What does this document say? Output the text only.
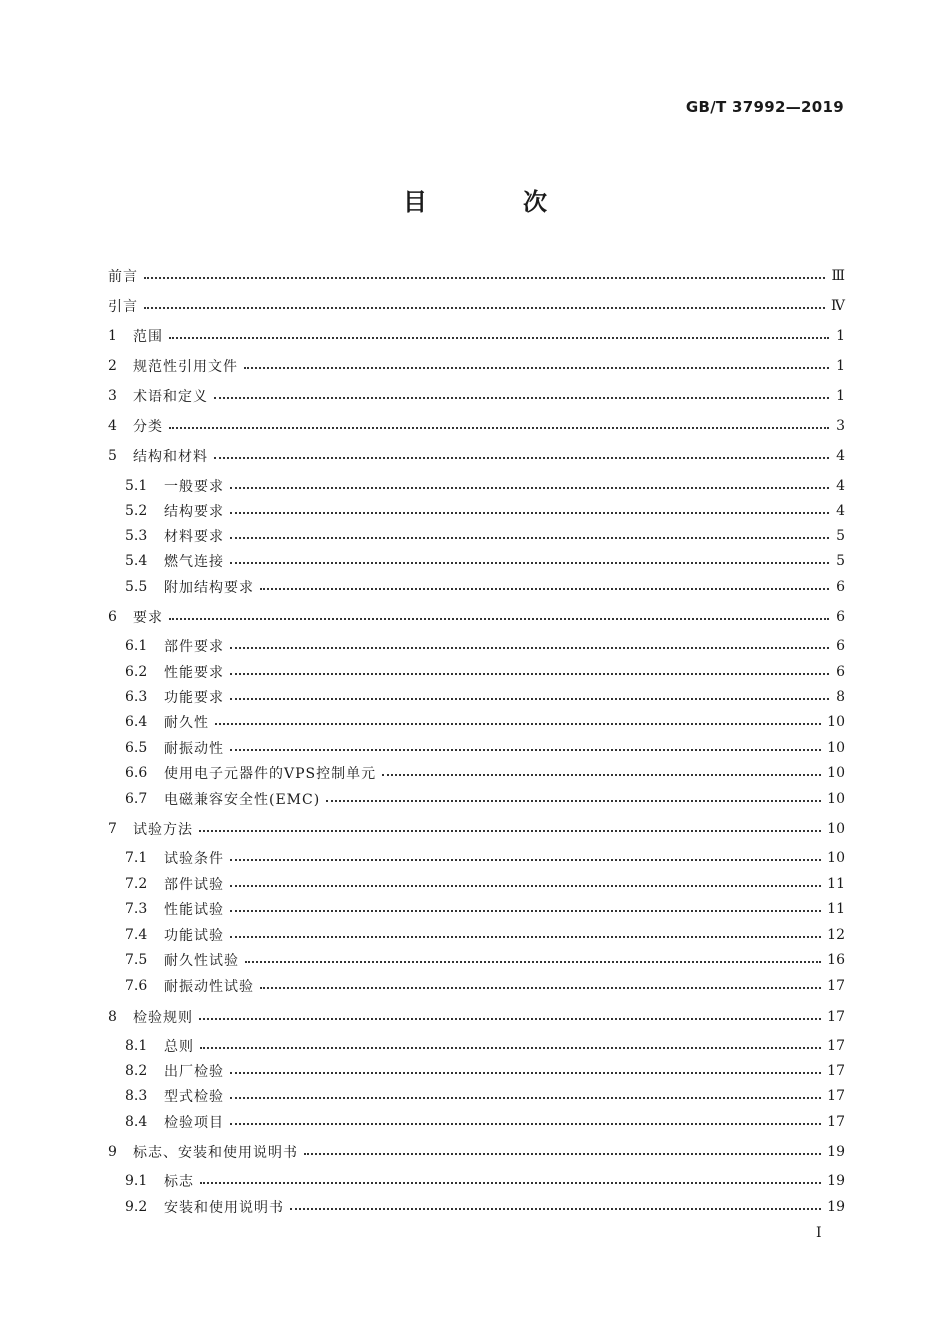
GB/T 37992—2019
目　次
前言	Ⅲ
引言	Ⅳ
1	范围	1
2	规范性引用文件	1
3	术语和定义	1
4	分类	3
5	结构和材料	4
5.1	一般要求	4
5.2	结构要求	4
5.3	材料要求	5
5.4	燃气连接	5
5.5	附加结构要求	6
6	要求	6
6.1	部件要求	6
6.2	性能要求	6
6.3	功能要求	8
6.4	耐久性	10
6.5	耐振动性	10
6.6	使用电子元器件的VPS控制单元	10
6.7	电磁兼容安全性(EMC)	10
7	试验方法	10
7.1	试验条件	10
7.2	部件试验	11
7.3	性能试验	11
7.4	功能试验	12
7.5	耐久性试验	16
7.6	耐振动性试验	17
8	检验规则	17
8.1	总则	17
8.2	出厂检验	17
8.3	型式检验	17
8.4	检验项目	17
9	标志、安装和使用说明书	19
9.1	标志	19
9.2	安装和使用说明书	19
I
